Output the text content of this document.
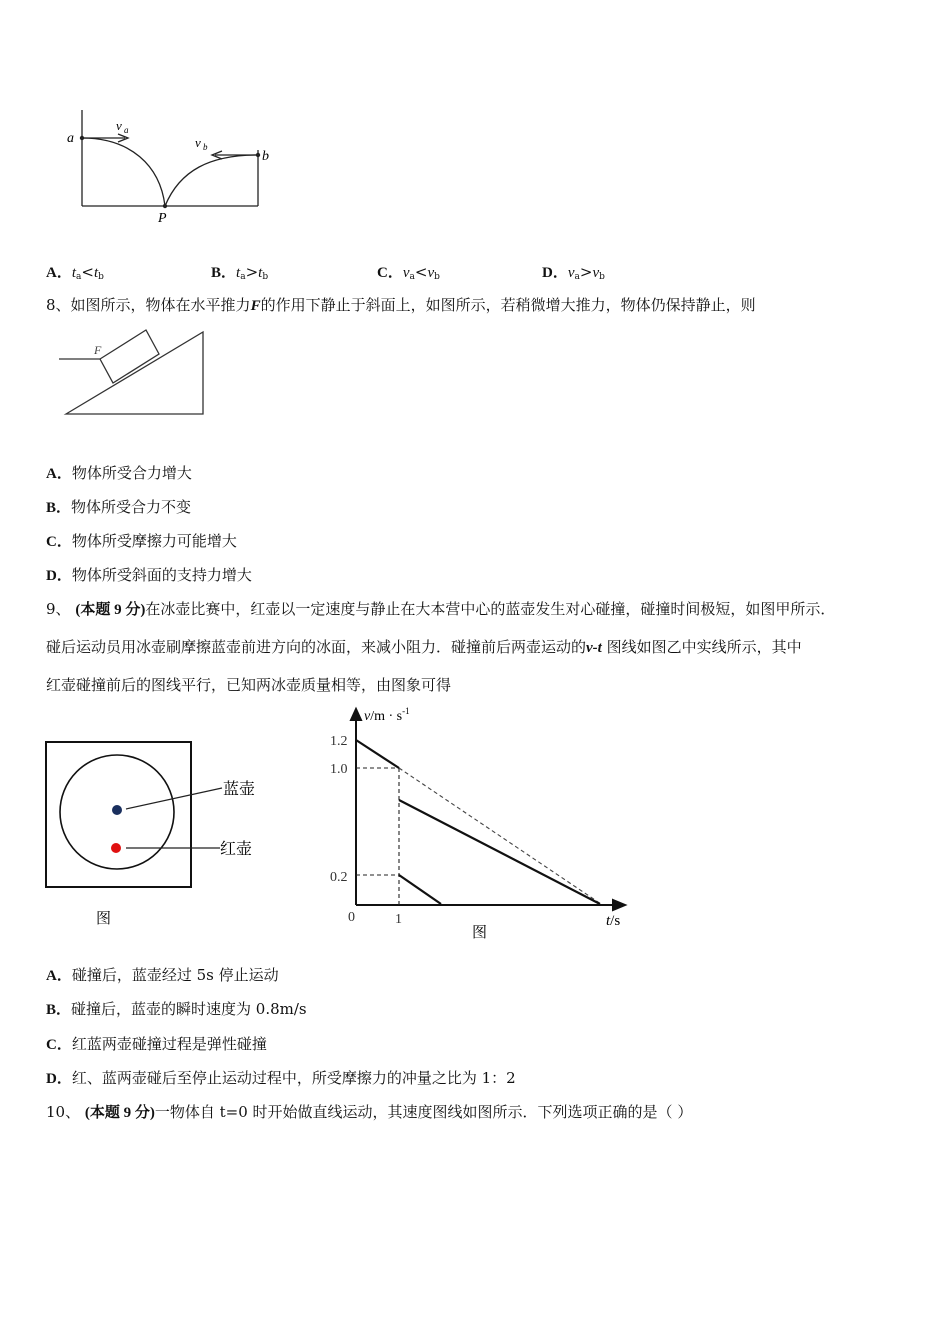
a
b
P
v a
v b
A．$t_a<t_b$	B．$t_a>t_b$	C．$v_a<v_b$	D．$v_a>v_b$
8、如图所示，物体在水平推力F的作用下静止于斜面上，如图所示，若稍微增大推力，物体仍保持静止，则
F
A．物体所受合力增大
B．物体所受合力不变
C．物体所受摩擦力可能增大
D．物体所受斜面的支持力增大
9、 (本题 9 分)在冰壶比赛中，红壶以一定速度与静止在大本营中心的蓝壶发生对心碰撞，碰撞时间极短，如图甲所示．
碰后运动员用冰壶刷摩擦蓝壶前进方向的冰面，来减小阻力．碰撞前后两壶运动的v-t 图线如图乙中实线所示，其中
红壶碰撞前后的图线平行，已知两冰壶质量相等，由图象可得
蓝壶
红壶
图
1.2
1.0
0.2
0	1
$v/m \cdot s^{-1}$
t/s
图
A．碰撞后，蓝壶经过 5s 停止运动
B．碰撞后，蓝壶的瞬时速度为 0.8m/s
C．红蓝两壶碰撞过程是弹性碰撞
D．红、蓝两壶碰后至停止运动过程中，所受摩擦力的冲量之比为 1：2
10、 (本题 9 分)一物体自 t=0 时开始做直线运动，其速度图线如图所示．下列选项正确的是（ ）
